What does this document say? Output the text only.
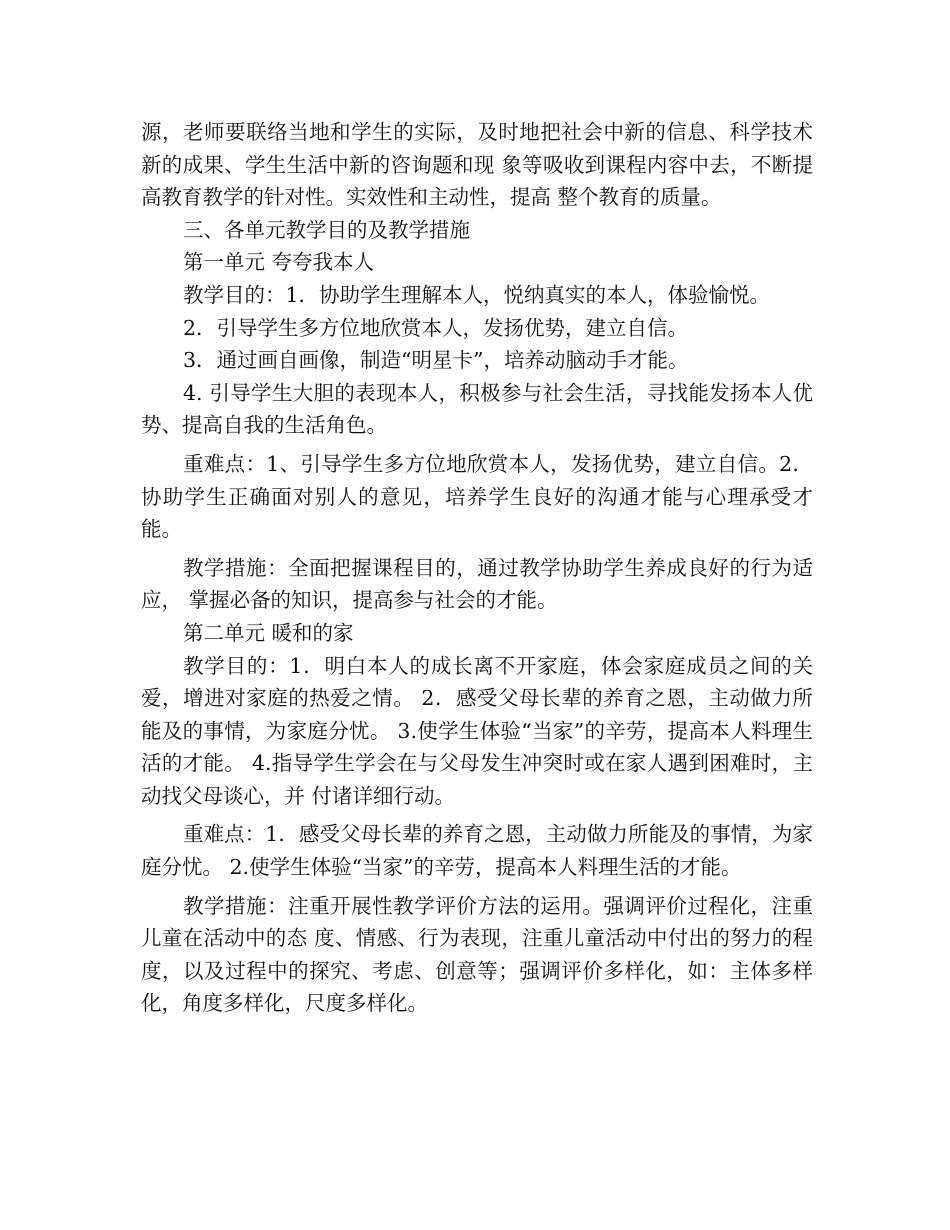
源，老师要联络当地和学生的实际，及时地把社会中新的信息、科学技术新的成果、学生生活中新的咨询题和现 象等吸收到课程内容中去，不断提高教育教学的针对性。实效性和主动性，提高 整个教育的质量。

三、各单元教学目的及教学措施

第一单元 夸夸我本人

教学目的：1．协助学生理解本人，悦纳真实的本人，体验愉悦。

2．引导学生多方位地欣赏本人，发扬优势，建立自信。

3．通过画自画像，制造“明星卡”，培养动脑动手才能。

4. 引导学生大胆的表现本人，积极参与社会生活，寻找能发扬本人优势、提高自我的生活角色。

重难点：1、引导学生多方位地欣赏本人，发扬优势，建立自信。2．协助学生正确面对别人的意见，培养学生良好的沟通才能与心理承受才能。

教学措施：全面把握课程目的，通过教学协助学生养成良好的行为适应， 掌握必备的知识，提高参与社会的才能。

第二单元 暖和的家

教学目的：1．明白本人的成长离不开家庭，体会家庭成员之间的关爱，增进对家庭的热爱之情。 2．感受父母长辈的养育之恩，主动做力所能及的事情，为家庭分忧。 3.使学生体验“当家”的辛劳，提高本人料理生活的才能。 4.指导学生学会在与父母发生冲突时或在家人遇到困难时，主动找父母谈心，并 付诸详细行动。

重难点：1．感受父母长辈的养育之恩，主动做力所能及的事情，为家庭分忧。 2.使学生体验“当家”的辛劳，提高本人料理生活的才能。

教学措施：注重开展性教学评价方法的运用。强调评价过程化，注重儿童在活动中的态 度、情感、行为表现，注重儿童活动中付出的努力的程度，以及过程中的探究、考虑、创意等；强调评价多样化，如：主体多样化，角度多样化，尺度多样化。
